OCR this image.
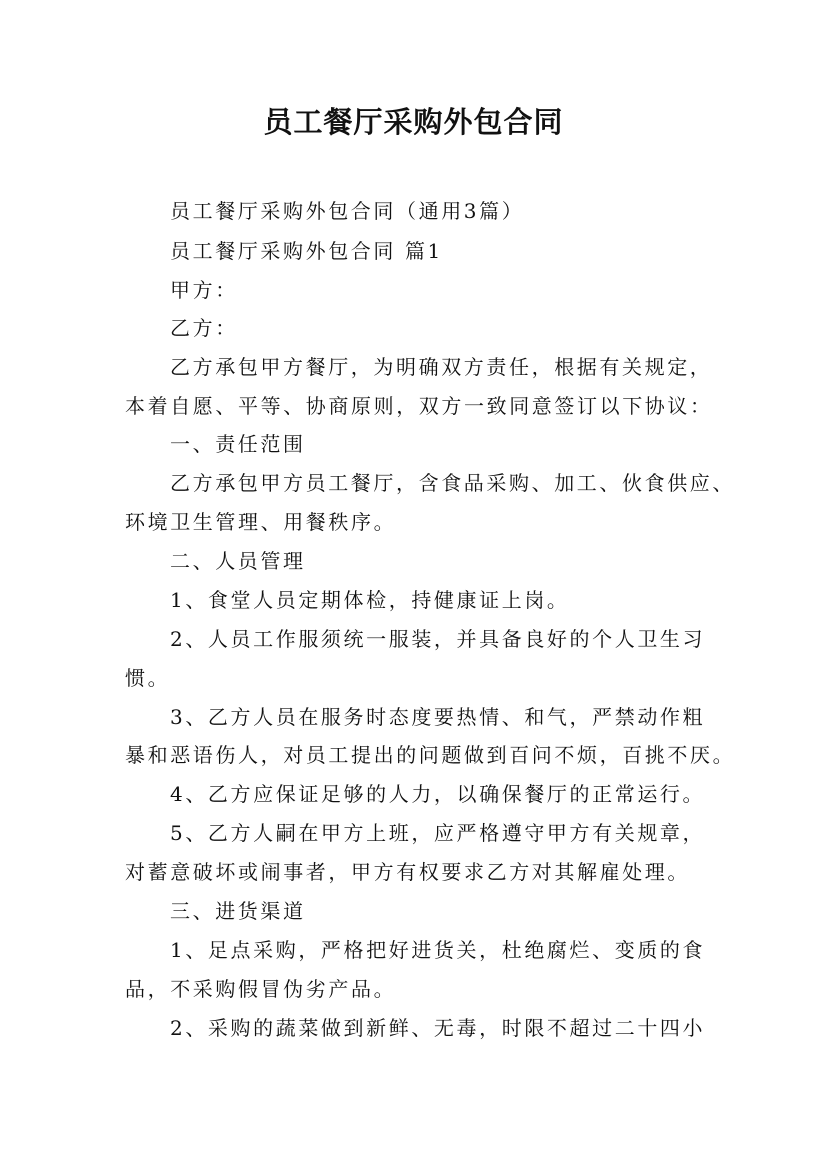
员工餐厅采购外包合同
员工餐厅采购外包合同（通用3篇）
员工餐厅采购外包合同 篇1
甲方：
乙方：
乙方承包甲方餐厅，为明确双方责任，根据有关规定，
本着自愿、平等、协商原则，双方一致同意签订以下协议：
一、责任范围
乙方承包甲方员工餐厅，含食品采购、加工、伙食供应、
环境卫生管理、用餐秩序。
二、人员管理
1、食堂人员定期体检，持健康证上岗。
2、人员工作服须统一服装，并具备良好的个人卫生习
惯。
3、乙方人员在服务时态度要热情、和气，严禁动作粗
暴和恶语伤人，对员工提出的问题做到百问不烦，百挑不厌。
4、乙方应保证足够的人力，以确保餐厅的正常运行。
5、乙方人嗣在甲方上班，应严格遵守甲方有关规章，
对蓄意破坏或闹事者，甲方有权要求乙方对其解雇处理。
三、进货渠道
1、足点采购，严格把好进货关，杜绝腐烂、变质的食
品，不采购假冒伪劣产品。
2、采购的蔬菜做到新鲜、无毒，时限不超过二十四小
